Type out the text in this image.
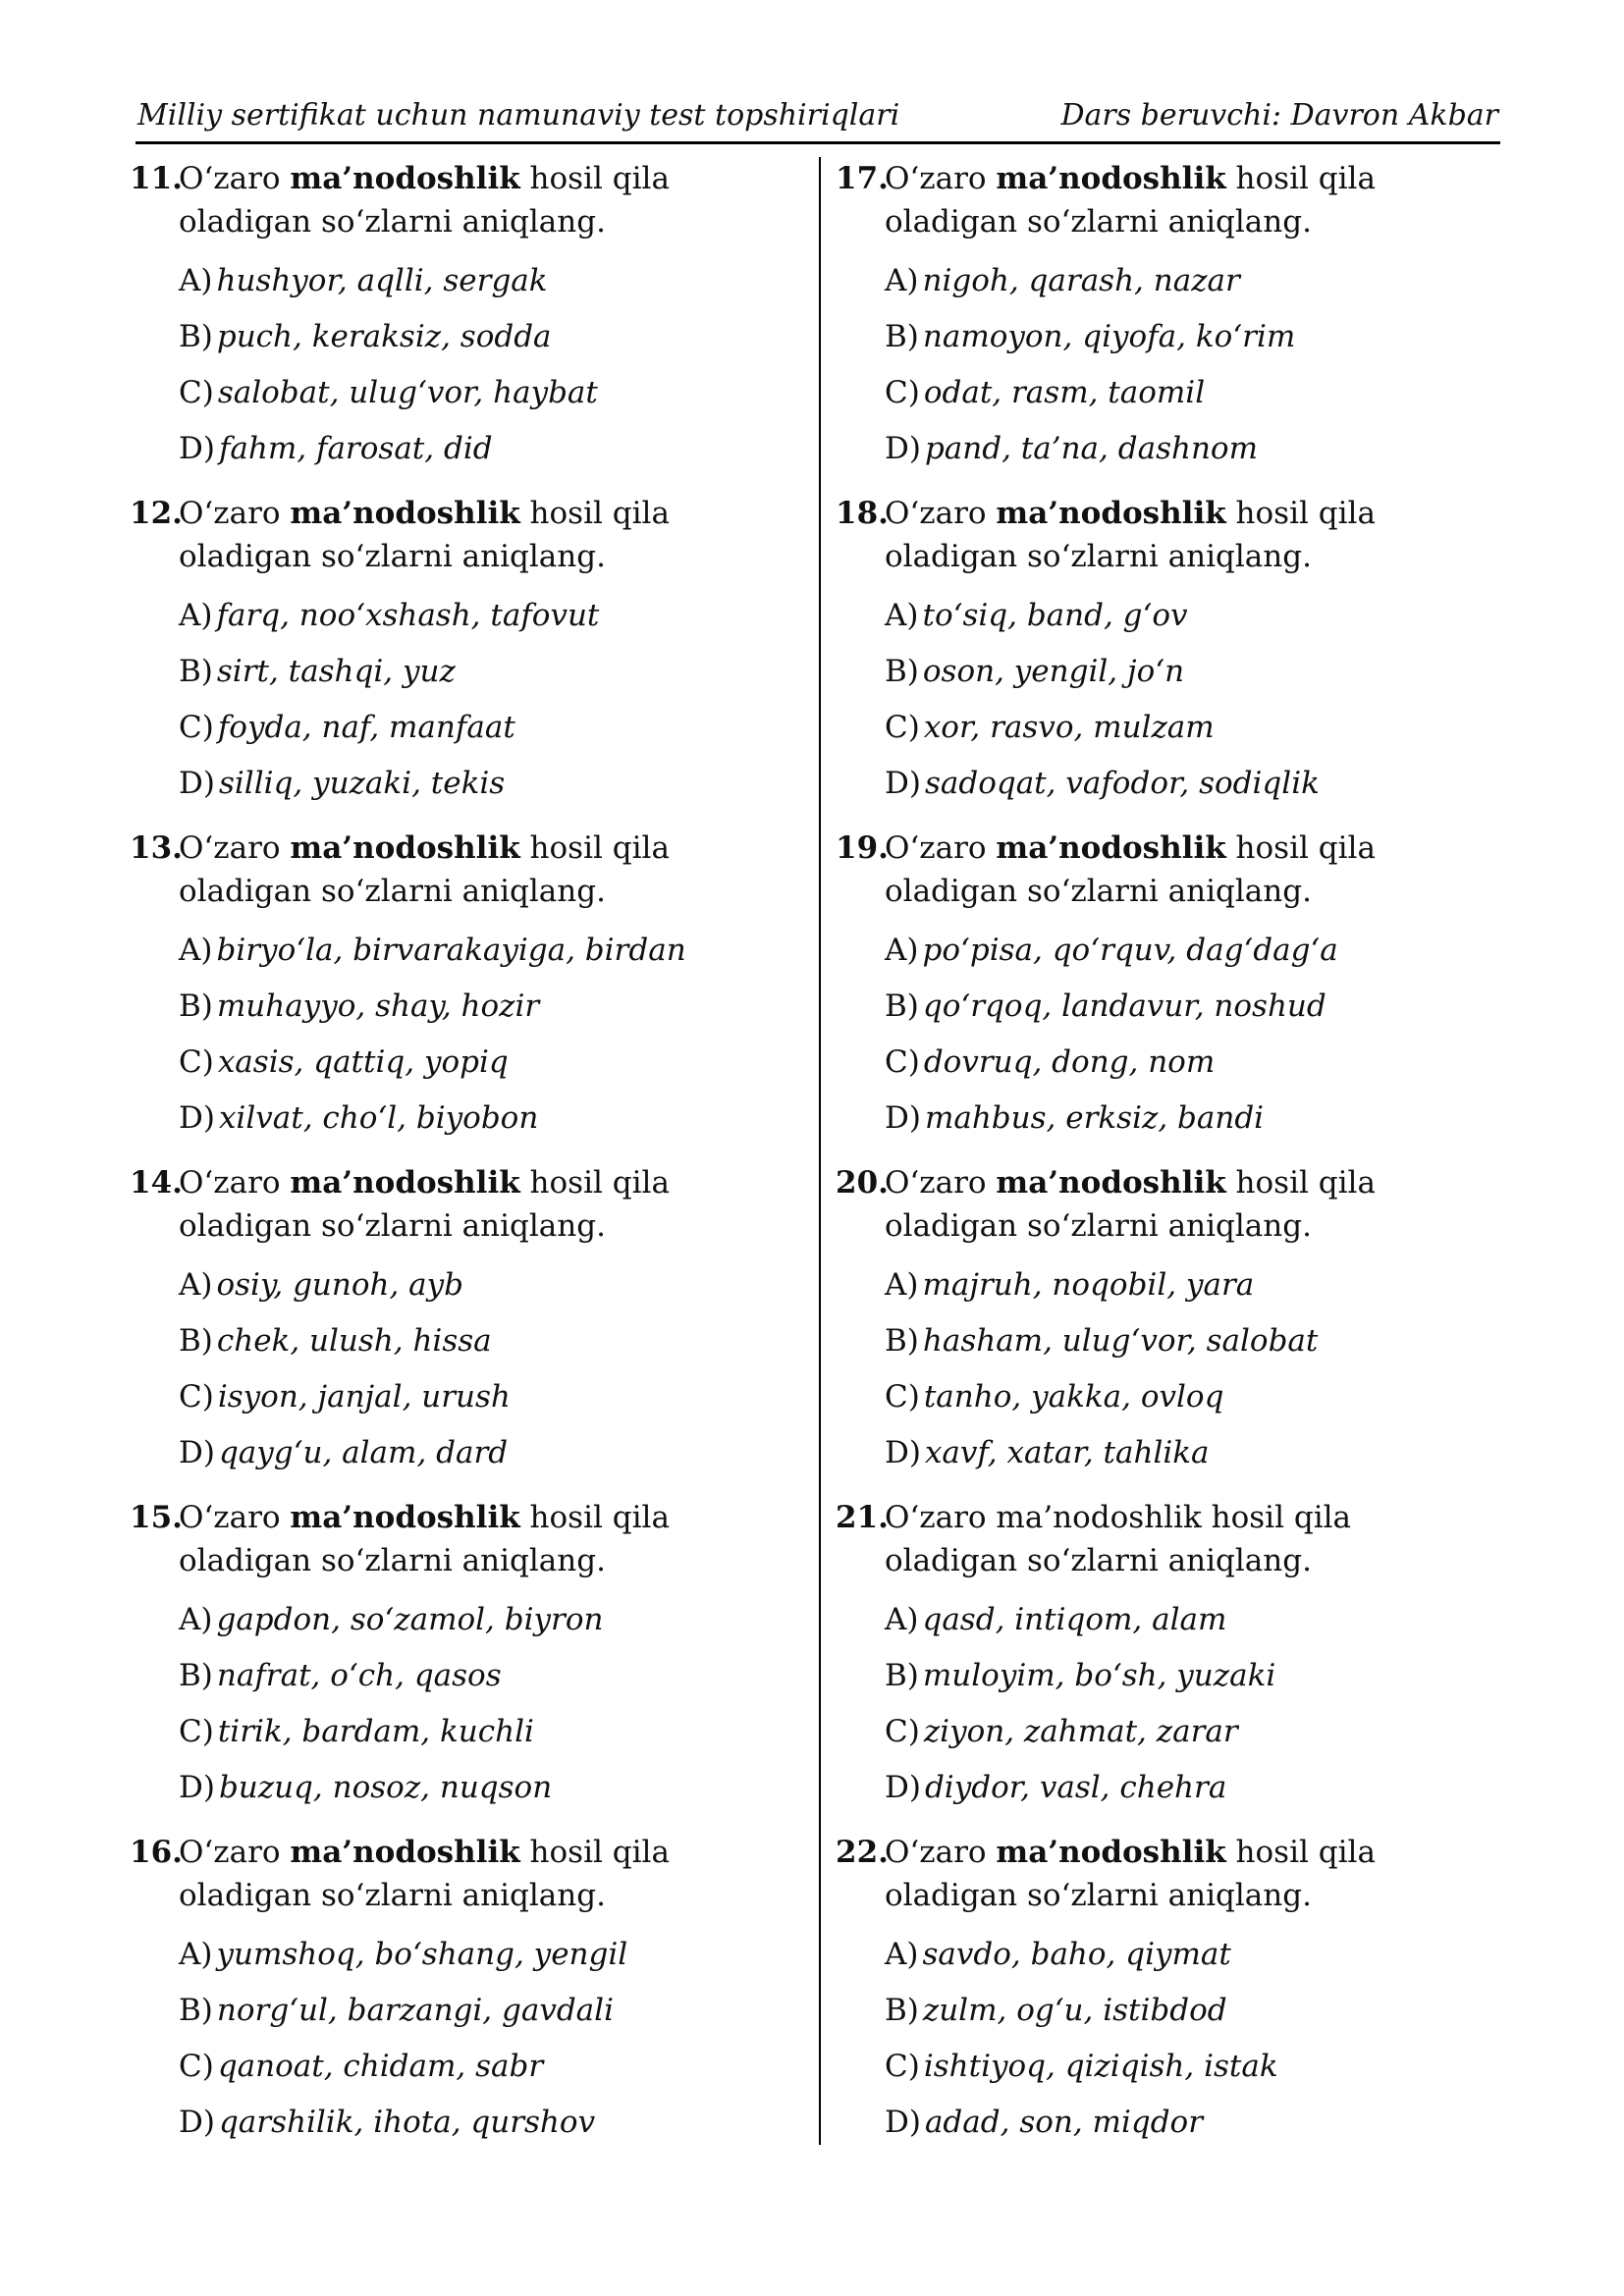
Milliy sertifikat uchun namunaviy test topshiriqlari	Dars beruvchi: Davron Akbar
11.
O‘zaro ma’nodoshlik hosil qila oladigan so‘zlarni aniqlang.
A) hushyor, aqlli, sergak
B) puch, keraksiz, sodda
C) salobat, ulug‘vor, haybat
D) fahm, farosat, did
12.
O‘zaro ma’nodoshlik hosil qila oladigan so‘zlarni aniqlang.
A) farq, noo‘xshash, tafovut
B) sirt, tashqi, yuz
C) foyda, naf, manfaat
D) silliq, yuzaki, tekis
13.
O‘zaro ma’nodoshlik hosil qila oladigan so‘zlarni aniqlang.
A) biryo‘la, birvarakayiga, birdan
B) muhayyo, shay, hozir
C) xasis, qattiq, yopiq
D) xilvat, cho‘l, biyobon
14.
O‘zaro ma’nodoshlik hosil qila oladigan so‘zlarni aniqlang.
A) osiy, gunoh, ayb
B) chek, ulush, hissa
C) isyon, janjal, urush
D) qayg‘u, alam, dard
15.
O‘zaro ma’nodoshlik hosil qila oladigan so‘zlarni aniqlang.
A) gapdon, so‘zamol, biyron
B) nafrat, o‘ch, qasos
C) tirik, bardam, kuchli
D) buzuq, nosoz, nuqson
16.
O‘zaro ma’nodoshlik hosil qila oladigan so‘zlarni aniqlang.
A) yumshoq, bo‘shang, yengil
B) norg‘ul, barzangi, gavdali
C) qanoat, chidam, sabr
D) qarshilik, ihota, qurshov
17.
O‘zaro ma’nodoshlik hosil qila oladigan so‘zlarni aniqlang.
A) nigoh, qarash, nazar
B) namoyon, qiyofa, ko‘rim
C) odat, rasm, taomil
D) pand, ta’na, dashnom
18.
O‘zaro ma’nodoshlik hosil qila oladigan so‘zlarni aniqlang.
A) to‘siq, band, g‘ov
B) oson, yengil, jo‘n
C) xor, rasvo, mulzam
D) sadoqat, vafodor, sodiqlik
19.
O‘zaro ma’nodoshlik hosil qila oladigan so‘zlarni aniqlang.
A) po‘pisa, qo‘rquv, dag‘dag‘a
B) qo‘rqoq, landavur, noshud
C) dovruq, dong, nom
D) mahbus, erksiz, bandi
20.
O‘zaro ma’nodoshlik hosil qila oladigan so‘zlarni aniqlang.
A) majruh, noqobil, yara
B) hasham, ulug‘vor, salobat
C) tanho, yakka, ovloq
D) xavf, xatar, tahlika
21.
O‘zaro ma’nodoshlik hosil qila oladigan so‘zlarni aniqlang.
A) qasd, intiqom, alam
B) muloyim, bo‘sh, yuzaki
C) ziyon, zahmat, zarar
D) diydor, vasl, chehra
22.
O‘zaro ma’nodoshlik hosil qila oladigan so‘zlarni aniqlang.
A) savdo, baho, qiymat
B) zulm, og‘u, istibdod
C) ishtiyoq, qiziqish, istak
D) adad, son, miqdor
